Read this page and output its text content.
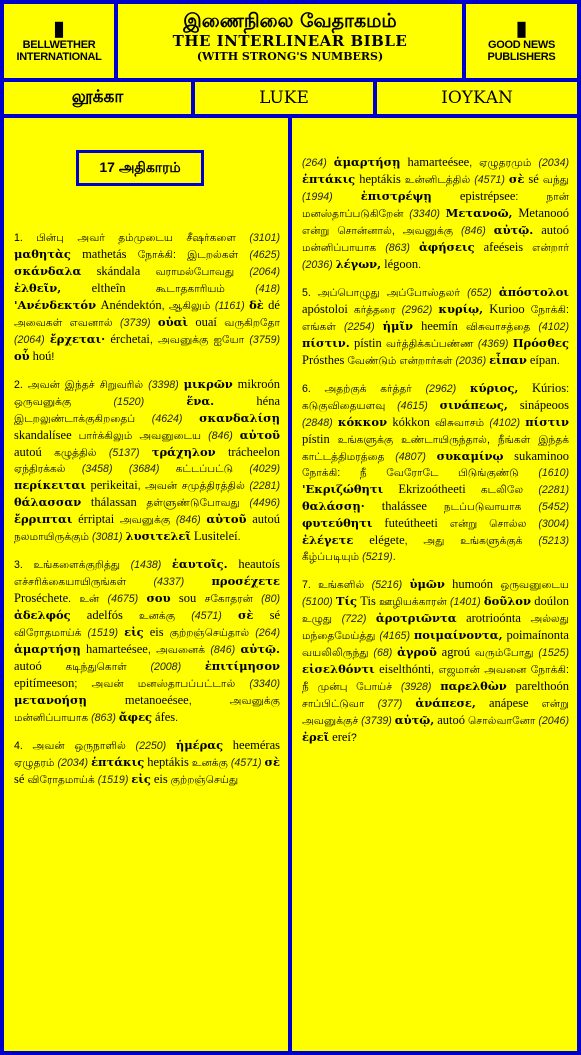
▮
BELLWETHER
INTERNATIONAL
இணைநிலை வேதாகமம்
THE INTERLINEAR BIBLE
(WITH STRONG'S NUMBERS)
▮
GOOD NEWS
PUBLISHERS
லூக்கா	LUKE	ΙΟΥΚΑΝ

1. பின்பு அவர் தம்முடைய சீஷர்களை (3101) μαθητὰς mathetás நோக்கி: இடறல்கள் (4625) σκάνδαλα skándala வராமல்போவது (2064) ἐλθεῖν, eltheîn கூடாதகாரியம் (418) 'Ανένδεκτόν Anéndektón, ஆகிலும் (1161) δὲ dé அவைகள் எவனால் (3739) οὐαὶ ouaí வருகிறதோ (2064) ἔρχεται· érchetai, அவனுக்கு ஐயோ (3759) οὗ hoú!

2. அவன் இந்தச் சிறுவரில் (3398) μικρῶν mikroón ஒருவனுக்கு (1520)	ἕνα.	héna இடறலுண்டாக்குகிறதைப் (4624) σκανδαλίσῃ skandalísee பார்க்கிலும் அவனுடைய (846) αὐτοῦ autoú கழுத்தில் (5137) τράχηλον trácheelon ஏந்திரக்கல் (3458) (3684) கட்டப்பட்டு (4029) περίκειται perikeitai, அவன் சமுத்திரத்தில் (2281) θάλασσαν thálassan தள்ளுண்டுபோவது (4496) ἔρριπται érriptai அவனுக்கு (846) αὐτοῦ autoú நலமாயிருக்கும் (3081) λυσιτελεῖ Lusiteleí.

3. உங்களைக்குறித்து (1438) ἑαυτοῖς. heautoís எச்சரிக்கையாயிருங்கள் (4337) προσέχετε Proséchete. உன் (4675) σου sou சகோதரன் (80) ἀδελφός adelfós உனக்கு (4571) σὲ sé விரோதமாய்க் (1519) εἰς eis குற்றஞ்செய்தால் (264) ἁμαρτήσῃ hamarteésee, அவனைக் (846) αὐτῷ. autoó கடிந்துகொள் (2008) ἐπιτίμησον epitímeeson; அவன் மனஸ்தாபப்பட்டால் (3340) μετανοήσῃ	metanoeésee, அவனுக்கு மன்னிப்பாயாக (863) ἄφες áfes.

4. அவன் ஒருநாளில் (2250) ἡμέρας heeméras ஏழுதரம் (2034) ἑπτάκις heptákis உனக்கு (4571) σὲ sé விரோதமாய்க் (1519) εἰς eis குற்றஞ்செய்து

17 அதிகாரம்	(264) ἁμαρτήσῃ hamarteésee, ஏழுதரமும் (2034) ἑπτάκις heptákis உன்னிடத்தில் (4571) σὲ sé வந்து (1994) ἐπιστρέψῃ epistrépsee: நான் மனஸ்தாப்படுகிறேன் (3340) Μετανοῶ, Metanooó என்று சொன்னால், அவனுக்கு (846) αὐτῷ. autoó மன்னிப்பாயாக (863) ἀφήσεις afeéseis என்றார் (2036) λέγων, légoon.

5. அப்பொழுது அப்போஸ்தலர் (652) ἀπόστολοι apóstoloi கர்த்தரை (2962) κυρίῳ, Kurioo நோக்கி: எங்கள் (2254) ἡμῖν heemín விசுவாசத்தை (4102) πίστιν. pístin வர்த்திக்கப்பண்ண (4369) Πρόσθες Prósthes வேண்டும் என்றார்கள் (2036) εἶπαν eípan.

6. அதற்குக் கர்த்தர் (2962) κύριος, Kúrios: கடுகுவிதையளவு (4615) σινάπεως, sinápeoos (2848) κόκκον kókkon விசுவாசம் (4102) πίστιν pístin உங்களுக்கு உண்டாயிருந்தால், நீங்கள் இந்தக் காட்டத்திமரத்தை (4807) συκαμίνῳ sukaminoo நோக்கி: நீ வேரோடே பிடுங்குண்டு (1610) 'Εκριζώθητι Ekrizoótheeti கடலிலே (2281) θαλάσσῃ· thalássee நடப்படுவாயாக (5452) φυτεύθητι futeútheeti என்று சொல்ல (3004) ἐλέγετε elégete, அது உங்களுக்குக் (5213) கீழ்ப்படியும் (5219).

7. உங்களில் (5216) ὑμῶν humoón ஒருவனுடைய (5100) Τίς Tis ஊழியக்காரன் (1401) δοῦλον doúlon உழுது (722) ἀροτριῶντα arotrioónta அல்லது மந்தைமேய்த்து (4165) ποιμαίνοντα, poimaínonta வயலிலிருந்து (68) ἀγροῦ agroú வரும்போது (1525) εἰσελθόντι eiselthónti, எஜமான் அவனை நோக்கி: நீ முன்பு போய்ச் (3928) παρελθὼν parelthoón சாப்பிட்டுவா (377) ἀνάπεσε, anápese என்று அவனுக்குச் (3739) αὐτῷ, autoó சொல்வானோ (2046) ἐρεῖ ereí?
